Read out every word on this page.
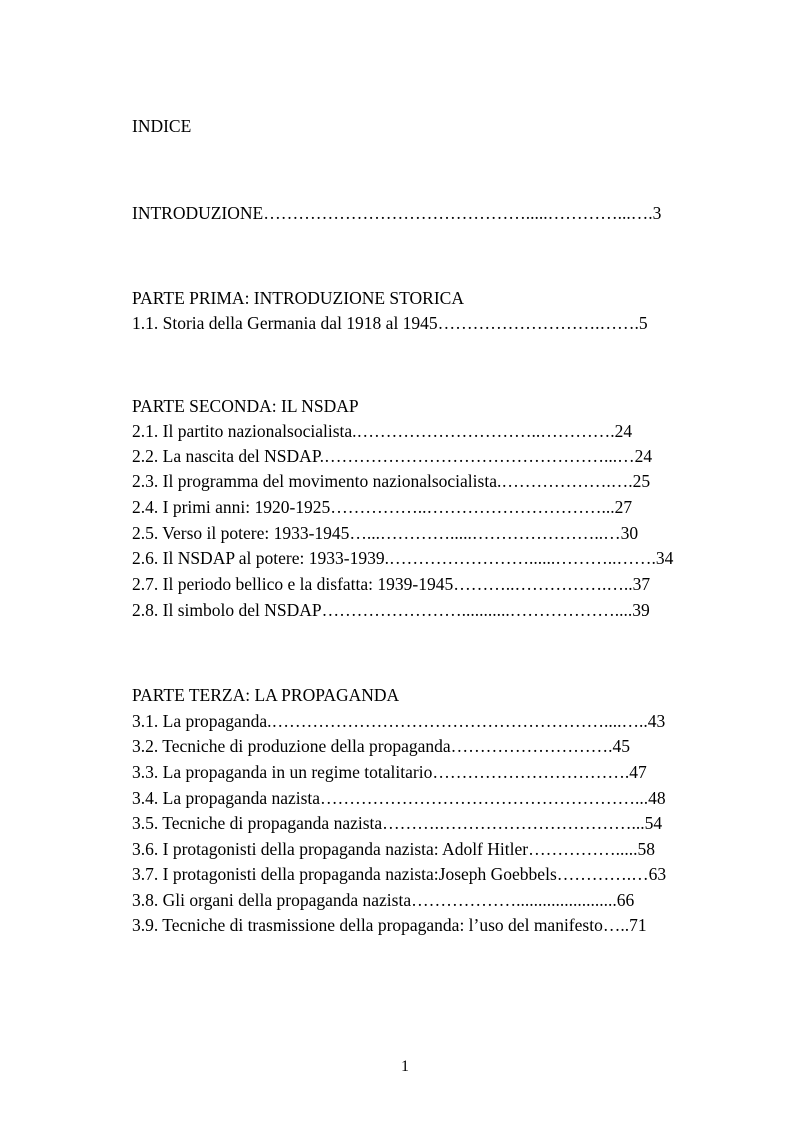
INDICE

INTRODUZIONE……………………………………….....…………...….3

PARTE PRIMA: INTRODUZIONE STORICA

1.1. Storia della Germania dal 1918 al 1945……………………….…….5

PARTE SECONDA: IL NSDAP

2.1. Il partito nazionalsocialista.…………………………..………….24

2.2. La nascita del NSDAP.…………………………………………...…24

2.3. Il programma del movimento nazionalsocialista.……………….….25

2.4. I primi anni: 1920-1925……………..…………………………...27

2.5. Verso il potere: 1933-1945…...………….....…………………..…30

2.6. Il NSDAP al potere: 1933-1939.……………………......………..…….34

2.7. Il periodo bellico e la disfatta: 1939-1945………..…………….…..37

2.8. Il simbolo del NSDAP……………………...........………………....39

PARTE TERZA: LA PROPAGANDA

3.1. La propaganda.…………………………………………………....…..43

3.2. Tecniche di produzione della propaganda……………………….45

3.3. La propaganda in un regime totalitario…………………………….47

3.4. La propaganda nazista………………………………………………...48

3.5. Tecniche di propaganda nazista……….……………………………...54

3.6. I protagonisti della propaganda nazista: Adolf Hitler…………….....58

3.7. I protagonisti della propaganda nazista:Joseph Goebbels………….…63

3.8. Gli organi della propaganda nazista……………….......................66

3.9. Tecniche di trasmissione della propaganda: l’uso del manifesto…..71

1
